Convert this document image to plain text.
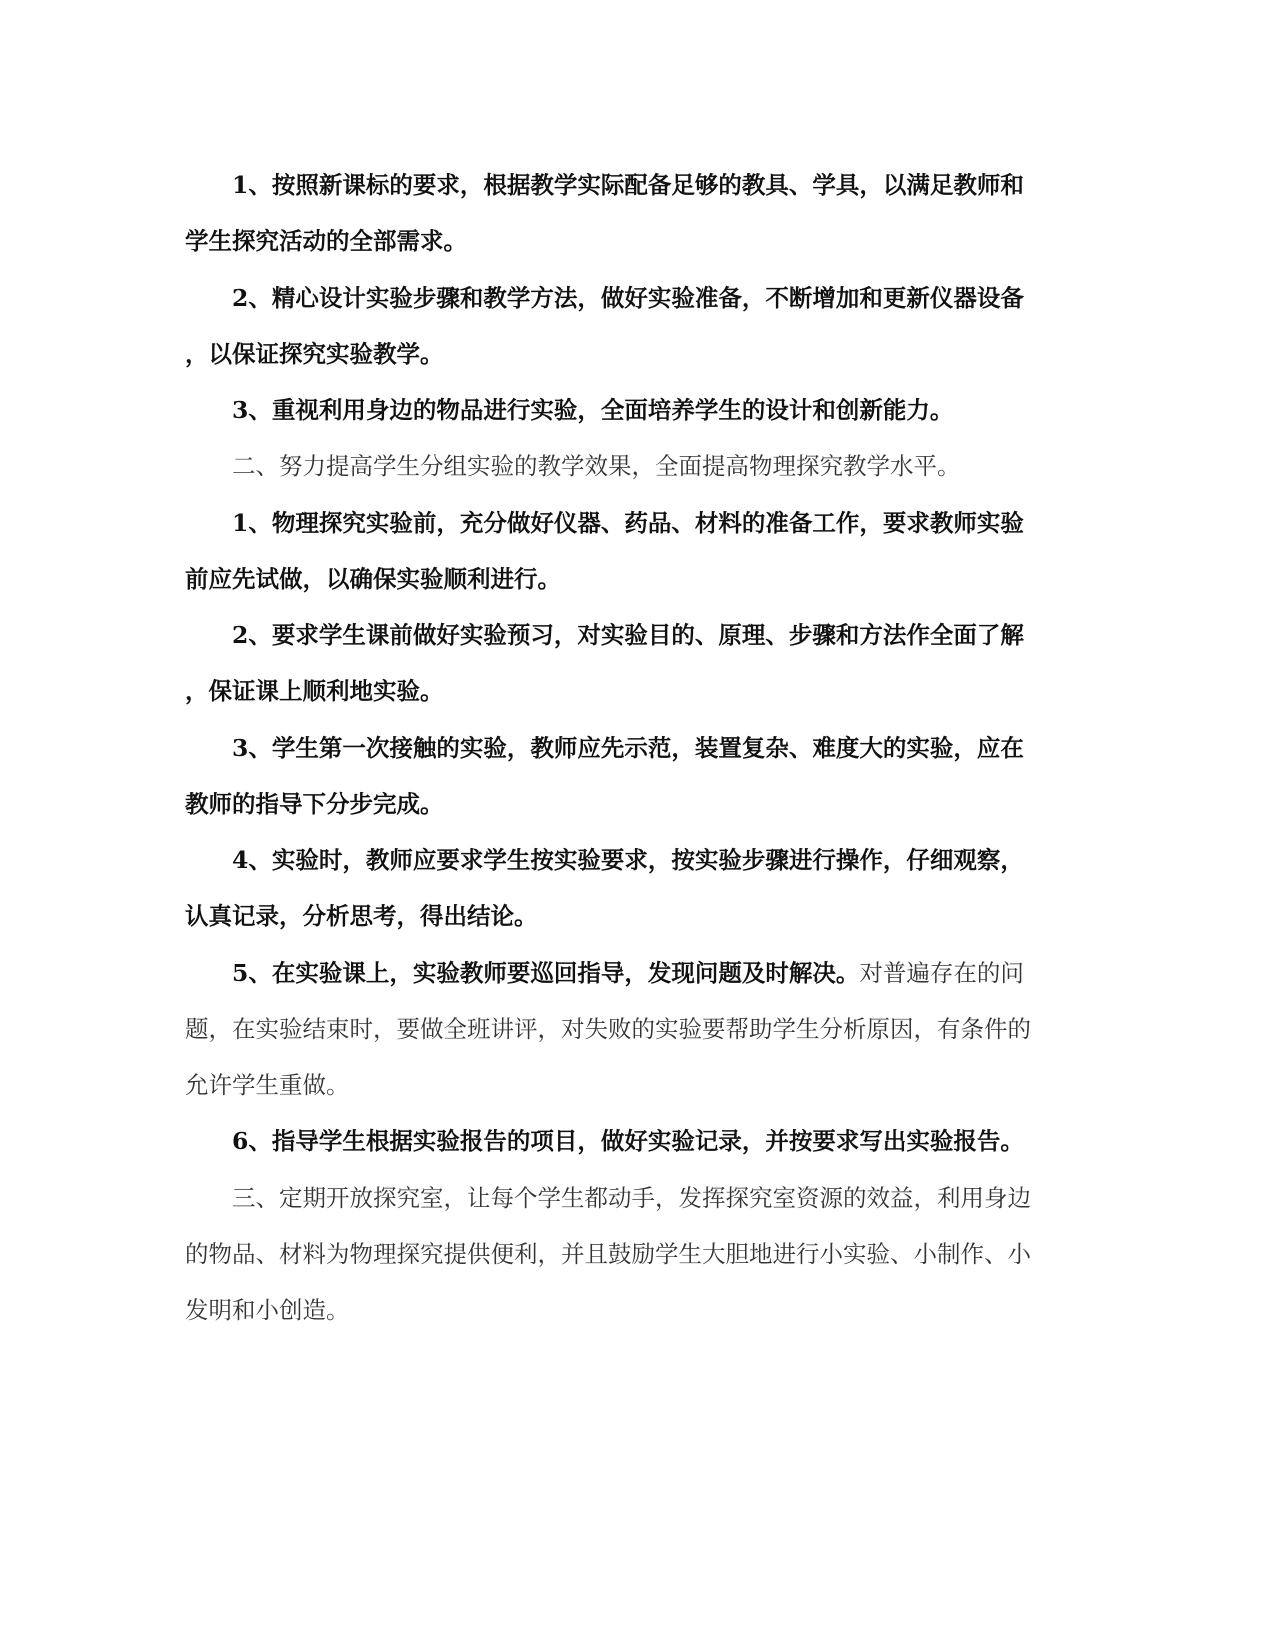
1、按照新课标的要求，根据教学实际配备足够的教具、学具，以满足教师和
学生探究活动的全部需求。
2、精心设计实验步骤和教学方法，做好实验准备，不断增加和更新仪器设备
，以保证探究实验教学。
3、重视利用身边的物品进行实验，全面培养学生的设计和创新能力。
二、努力提高学生分组实验的教学效果，全面提高物理探究教学水平。
1、物理探究实验前，充分做好仪器、药品、材料的准备工作，要求教师实验
前应先试做，以确保实验顺利进行。
2、要求学生课前做好实验预习，对实验目的、原理、步骤和方法作全面了解
，保证课上顺利地实验。
3、学生第一次接触的实验，教师应先示范，装置复杂、难度大的实验，应在
教师的指导下分步完成。
4、实验时，教师应要求学生按实验要求，按实验步骤进行操作，仔细观察，
认真记录，分析思考，得出结论。
5、在实验课上，实验教师要巡回指导，发现问题及时解决。对普遍存在的问
题，在实验结束时，要做全班讲评，对失败的实验要帮助学生分析原因，有条件的
允许学生重做。
6、指导学生根据实验报告的项目，做好实验记录，并按要求写出实验报告。
三、定期开放探究室，让每个学生都动手，发挥探究室资源的效益，利用身边
的物品、材料为物理探究提供便利，并且鼓励学生大胆地进行小实验、小制作、小
发明和小创造。
